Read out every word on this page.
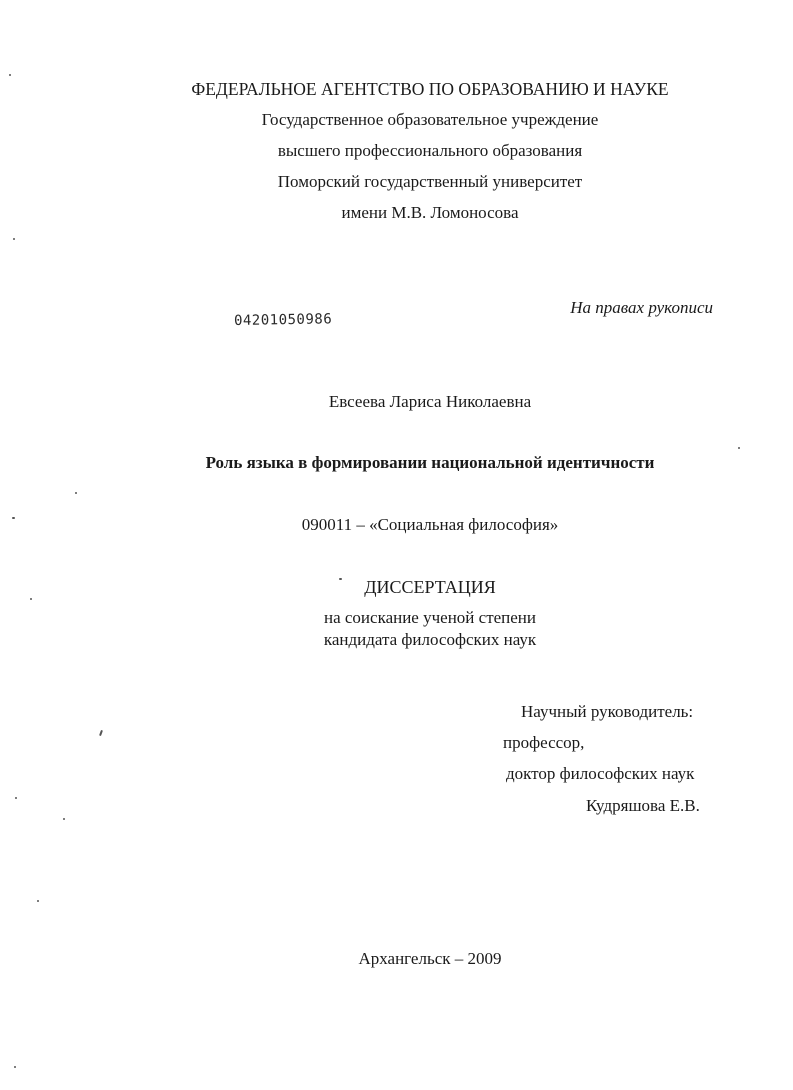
ФЕДЕРАЛЬНОЕ АГЕНТСТВО ПО ОБРАЗОВАНИЮ И НАУКЕ
Государственное образовательное учреждение
высшего профессионального образования
Поморский государственный университет
имени М.В. Ломоносова
На правах рукописи
04201050986
Евсеева Лариса Николаевна
Роль языка в формировании национальной идентичности
090011 – «Социальная философия»
ДИССЕРТАЦИЯ
на соискание ученой степени
кандидата философских наук
Научный руководитель:
профессор,
доктор философских наук
Кудряшова Е.В.
Архангельск – 2009
